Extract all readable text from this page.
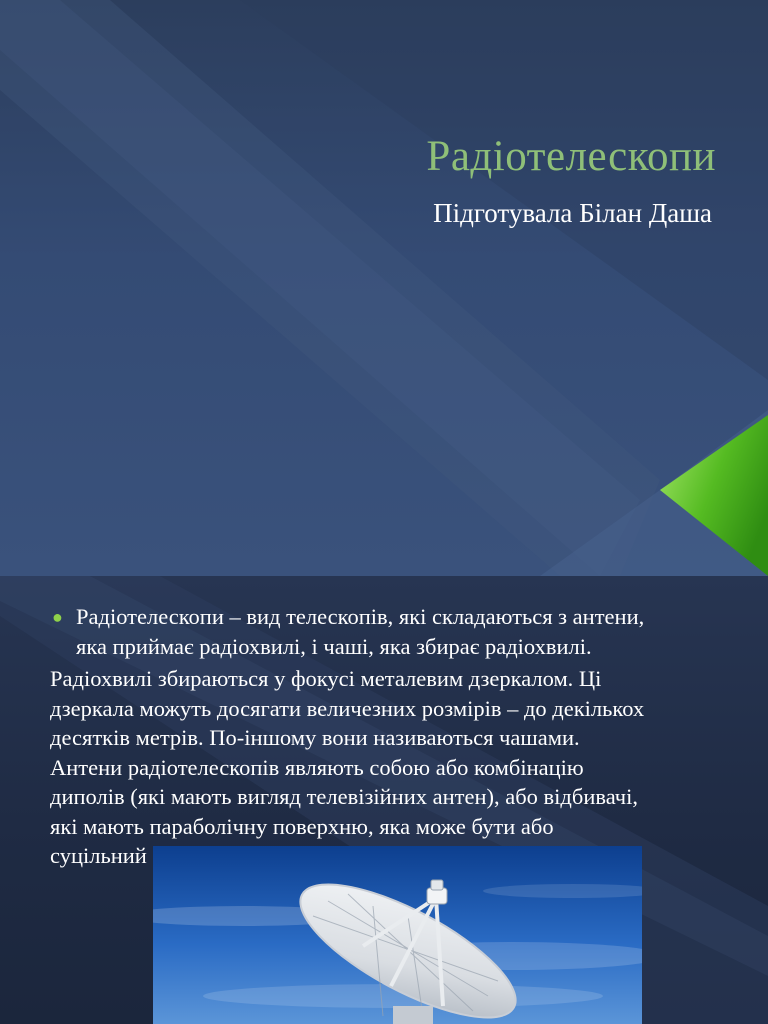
Радіотелескопи
Підготувала Білан Даша
● Радіотелескопи – вид телескопів, які складаються з антени,
яка приймає радіохвилі, і чаші, яка збирає радіохвилі.
Радіохвилі збираються у фокусі металевим дзеркалом. Ці
дзеркала можуть досягати величезних розмірів – до декількох
десятків метрів. По-іншому вони називаються чашами.
Антени радіотелескопів являють собою або комбінацію
диполів (які мають вигляд телевізійних антен), або відбивачі,
які мають параболічну поверхню, яка може бути або
суцільний
